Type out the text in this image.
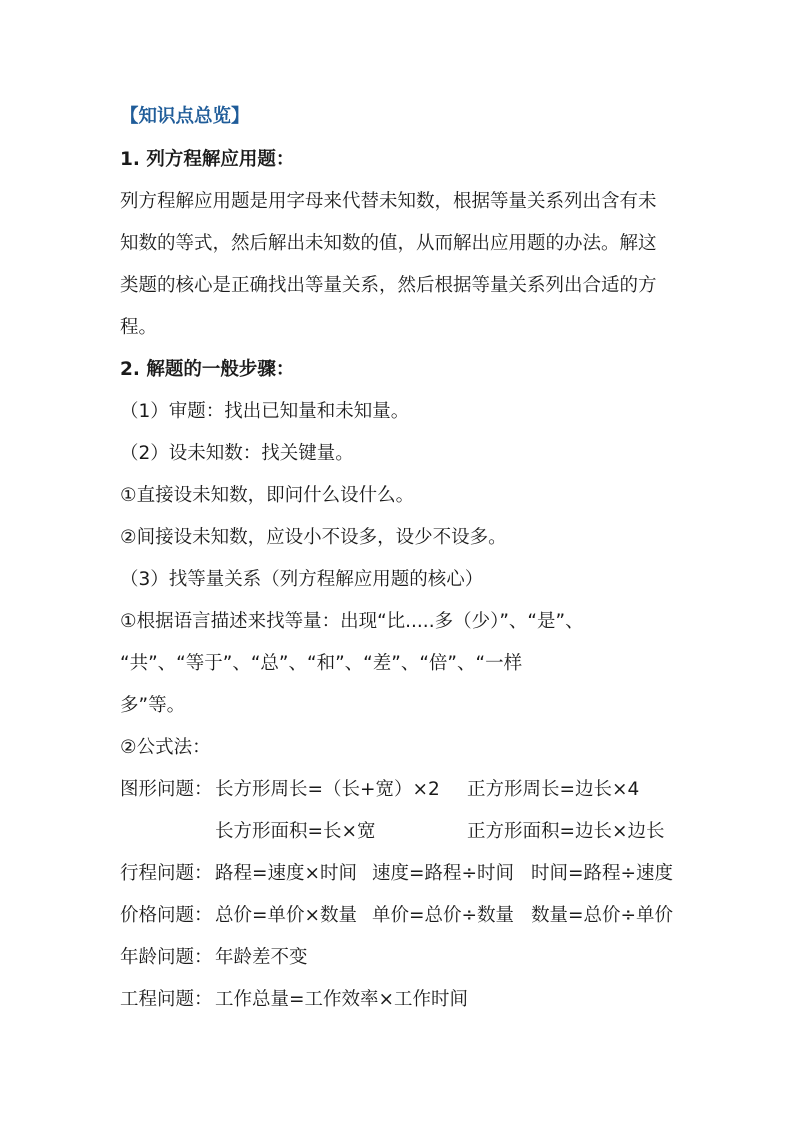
【知识点总览】
1. 列方程解应用题：
列方程解应用题是用字母来代替未知数，根据等量关系列出含有未
知数的等式，然后解出未知数的值，从而解出应用题的办法。解这
类题的核心是正确找出等量关系，然后根据等量关系列出合适的方
程。
2. 解题的一般步骤：
（1）审题：找出已知量和未知量。
（2）设未知数：找关键量。
①直接设未知数，即问什么设什么。
②间接设未知数，应设小不设多，设少不设多。
（3）找等量关系（列方程解应用题的核心）
①根据语言描述来找等量：出现“比.....多（少）”、“是”、
“共”、“等于”、“总”、“和”、“差”、“倍”、“一样
多”等。
②公式法：
图形问题： 长方形周长=（长+宽）×2 正方形周长=边长×4
长方形面积=长×宽	正方形面积=边长×边长
行程问题： 路程=速度×时间 速度=路程÷时间 时间=路程÷速度
价格问题： 总价=单价×数量 单价=总价÷数量 数量=总价÷单价
年龄问题： 年龄差不变
工程问题： 工作总量=工作效率×工作时间
